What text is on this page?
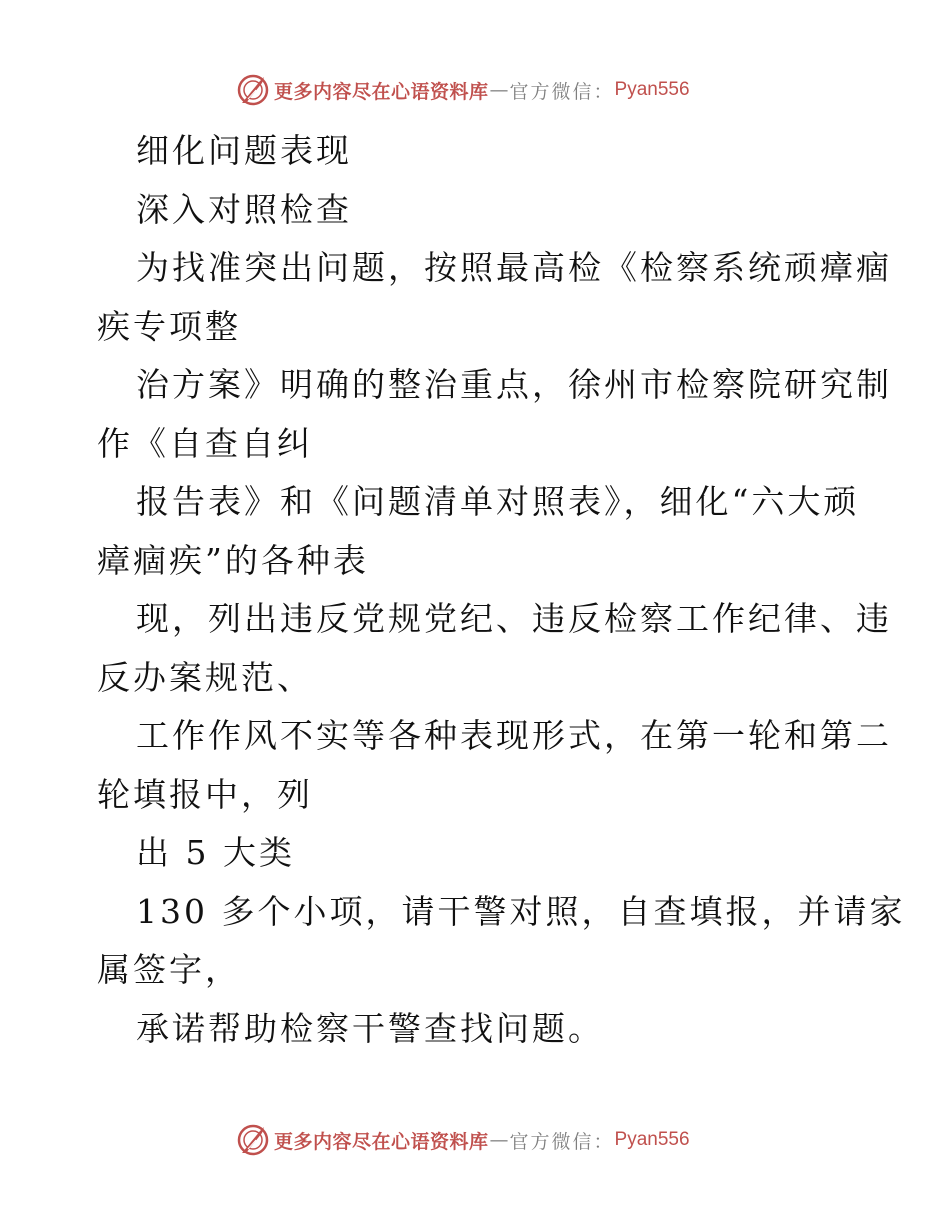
更多内容尽在心语资料库 — 官方微信： Pyan556
细化问题表现
深入对照检查
为找准突出问题，按照最高检《检察系统顽瘴痼
疾专项整
治方案》明确的整治重点，徐州市检察院研究制
作《自查自纠
报告表》和《问题清单对照表》，细化“六大顽
瘴痼疾”的各种表
现，列出违反党规党纪、违反检察工作纪律、违
反办案规范、
工作作风不实等各种表现形式，在第一轮和第二
轮填报中，列
出 5 大类
130 多个小项，请干警对照，自查填报，并请家
属签字，
承诺帮助检察干警查找问题。
更多内容尽在心语资料库 — 官方微信： Pyan556
